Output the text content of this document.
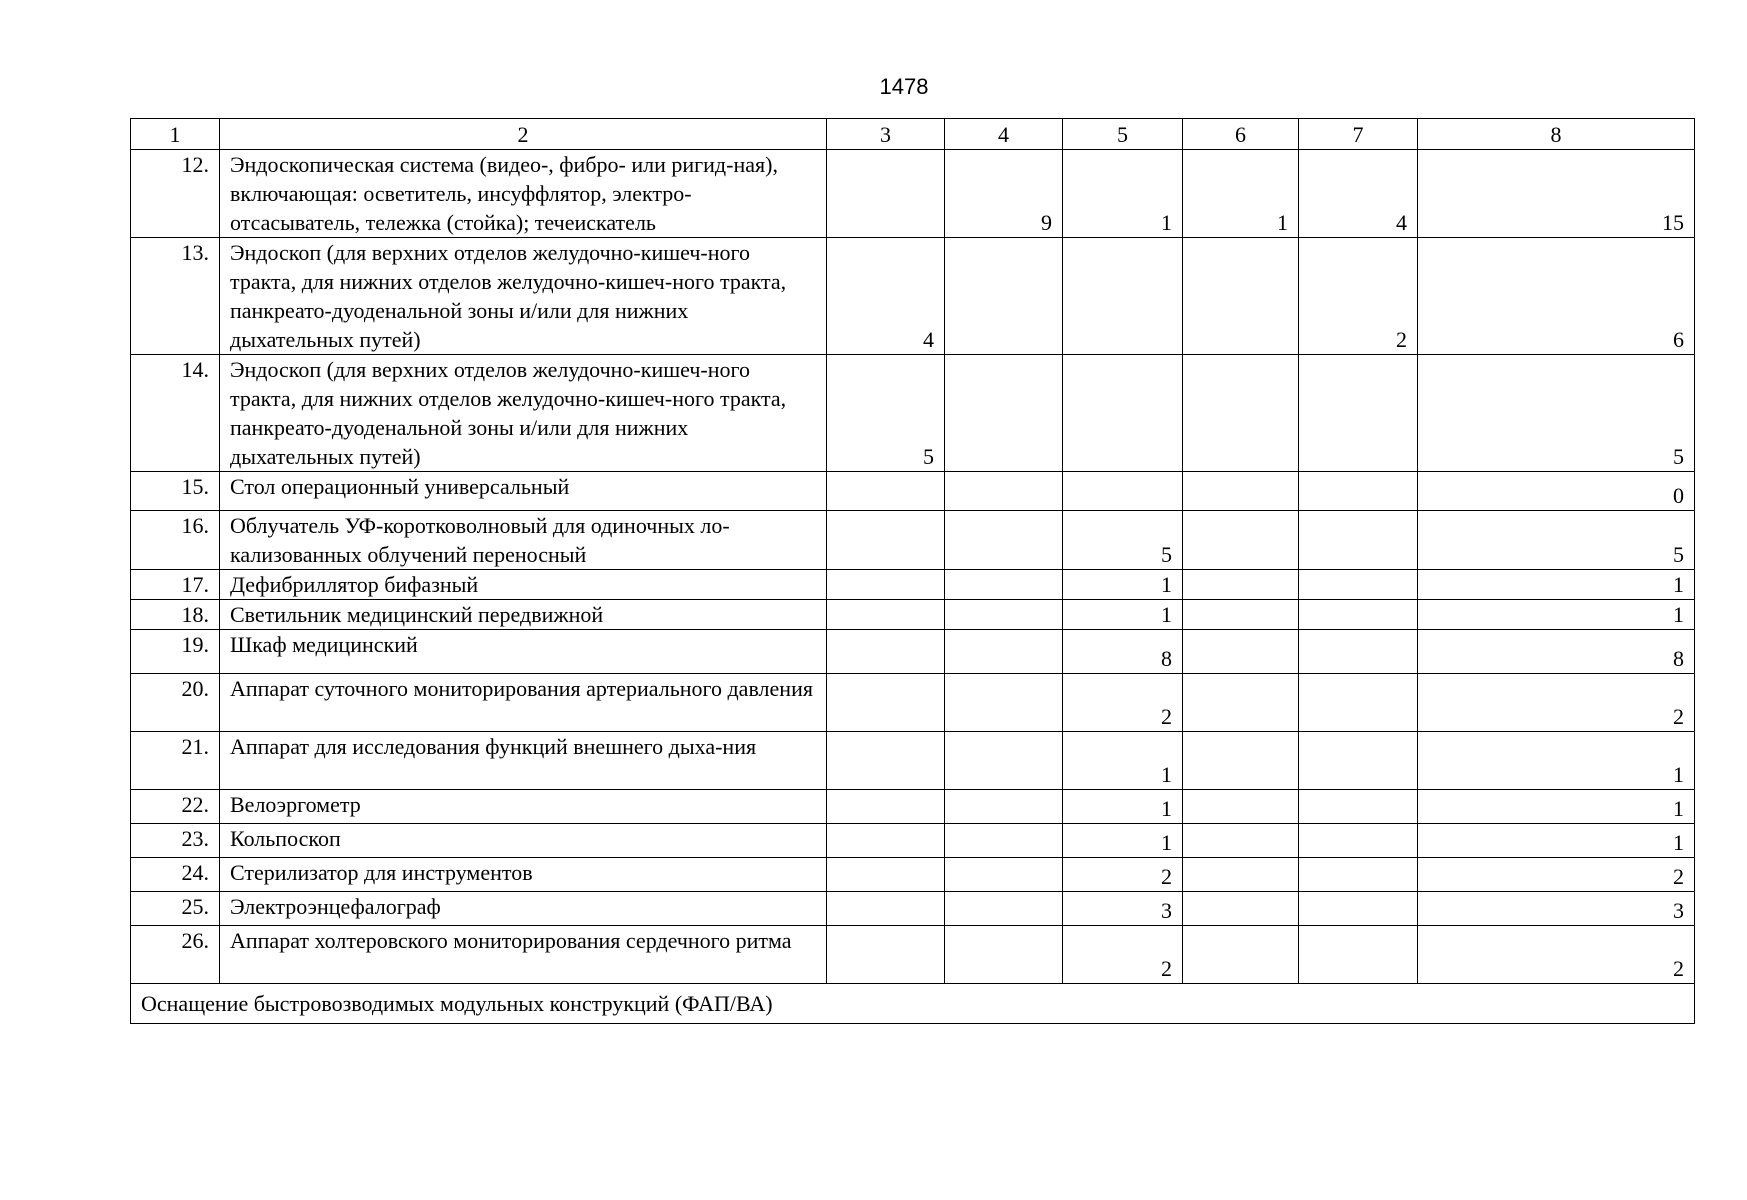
1478
1	2	3	4	5	6	7	8
12.	Эндоскопическая система (видео-, фибро- или ригид-ная), включающая: осветитель, инсуффлятор, электро-отсасыватель, тележка (стойка); течеискатель		9	1	1	4	15
13.	Эндоскоп (для верхних отделов желудочно-кишеч-ного тракта, для нижних отделов желудочно-кишеч-ного тракта, панкреато-дуоденальной зоны и/или для нижних дыхательных путей)	4				2	6
14.	Эндоскоп (для верхних отделов желудочно-кишеч-ного тракта, для нижних отделов желудочно-кишеч-ного тракта, панкреато-дуоденальной зоны и/или для нижних дыхательных путей)	5					5
15.	Стол операционный универсальный						0
16.	Облучатель УФ-коротковолновый для одиночных ло-кализованных облучений переносный			5			5
17.	Дефибриллятор бифазный			1			1
18.	Светильник медицинский передвижной			1			1
19.	Шкаф медицинский			8			8
20.	Аппарат суточного мониторирования артериального давления			2			2
21.	Аппарат для исследования функций внешнего дыха-ния			1			1
22.	Велоэргометр			1			1
23.	Кольпоскоп			1			1
24.	Стерилизатор для инструментов			2			2
25.	Электроэнцефалограф			3			3
26.	Аппарат холтеровского мониторирования сердечного ритма			2			2
Оснащение быстровозводимых модульных конструкций (ФАП/ВА)							
